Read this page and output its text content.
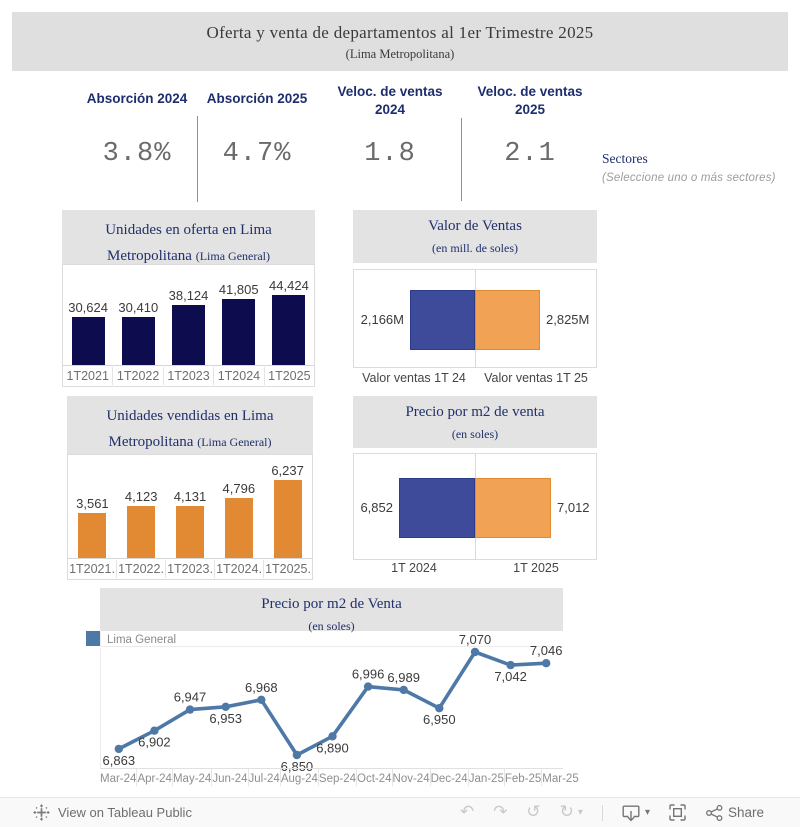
Oferta y venta de departamentos al 1er Trimestre 2025
(Lima Metropolitana)
Absorción 2024
3.8%
Absorción 2025
4.7%
Veloc. de ventas
2024
1.8
Veloc. de ventas
2025
2.1	Sectores
(Seleccione uno o más sectores)
Unidades en oferta en Lima Metropolitana (Lima General)
30,624 30,410
38,124 41,805 44,424
1T2021 1T2022 1T2023 1T2024 1T2025
Valor de Ventas
(en mill. de soles)
2,166M	2,825M
Valor ventas 1T 24	Valor ventas 1T 25
Unidades vendidas en Lima Metropolitana (Lima General)
3,561 4,123 4,131
4,796
6,237
1T2021. 1T2022. 1T2023. 1T2024. 1T2025.
Precio por m2 de venta
(en soles)
6,852	7,012
1T 2024	1T 2025
Precio por m2 de Venta
(en soles)
Lima General
6,863
6,902
6,947
6,953
6,968
6,850
6,890
6,996 6,989
6,950
7,070
7,042
7,046
Mar-24 Apr-24 May-24 Jun-24 Jul-24 Aug-24 Sep-24 Oct-24 Nov-24 Dec-24 Jan-25 Feb-25 Mar-25
View on Tableau Public	↶ ↷ ↺ ↻ ▾	▾	Share
